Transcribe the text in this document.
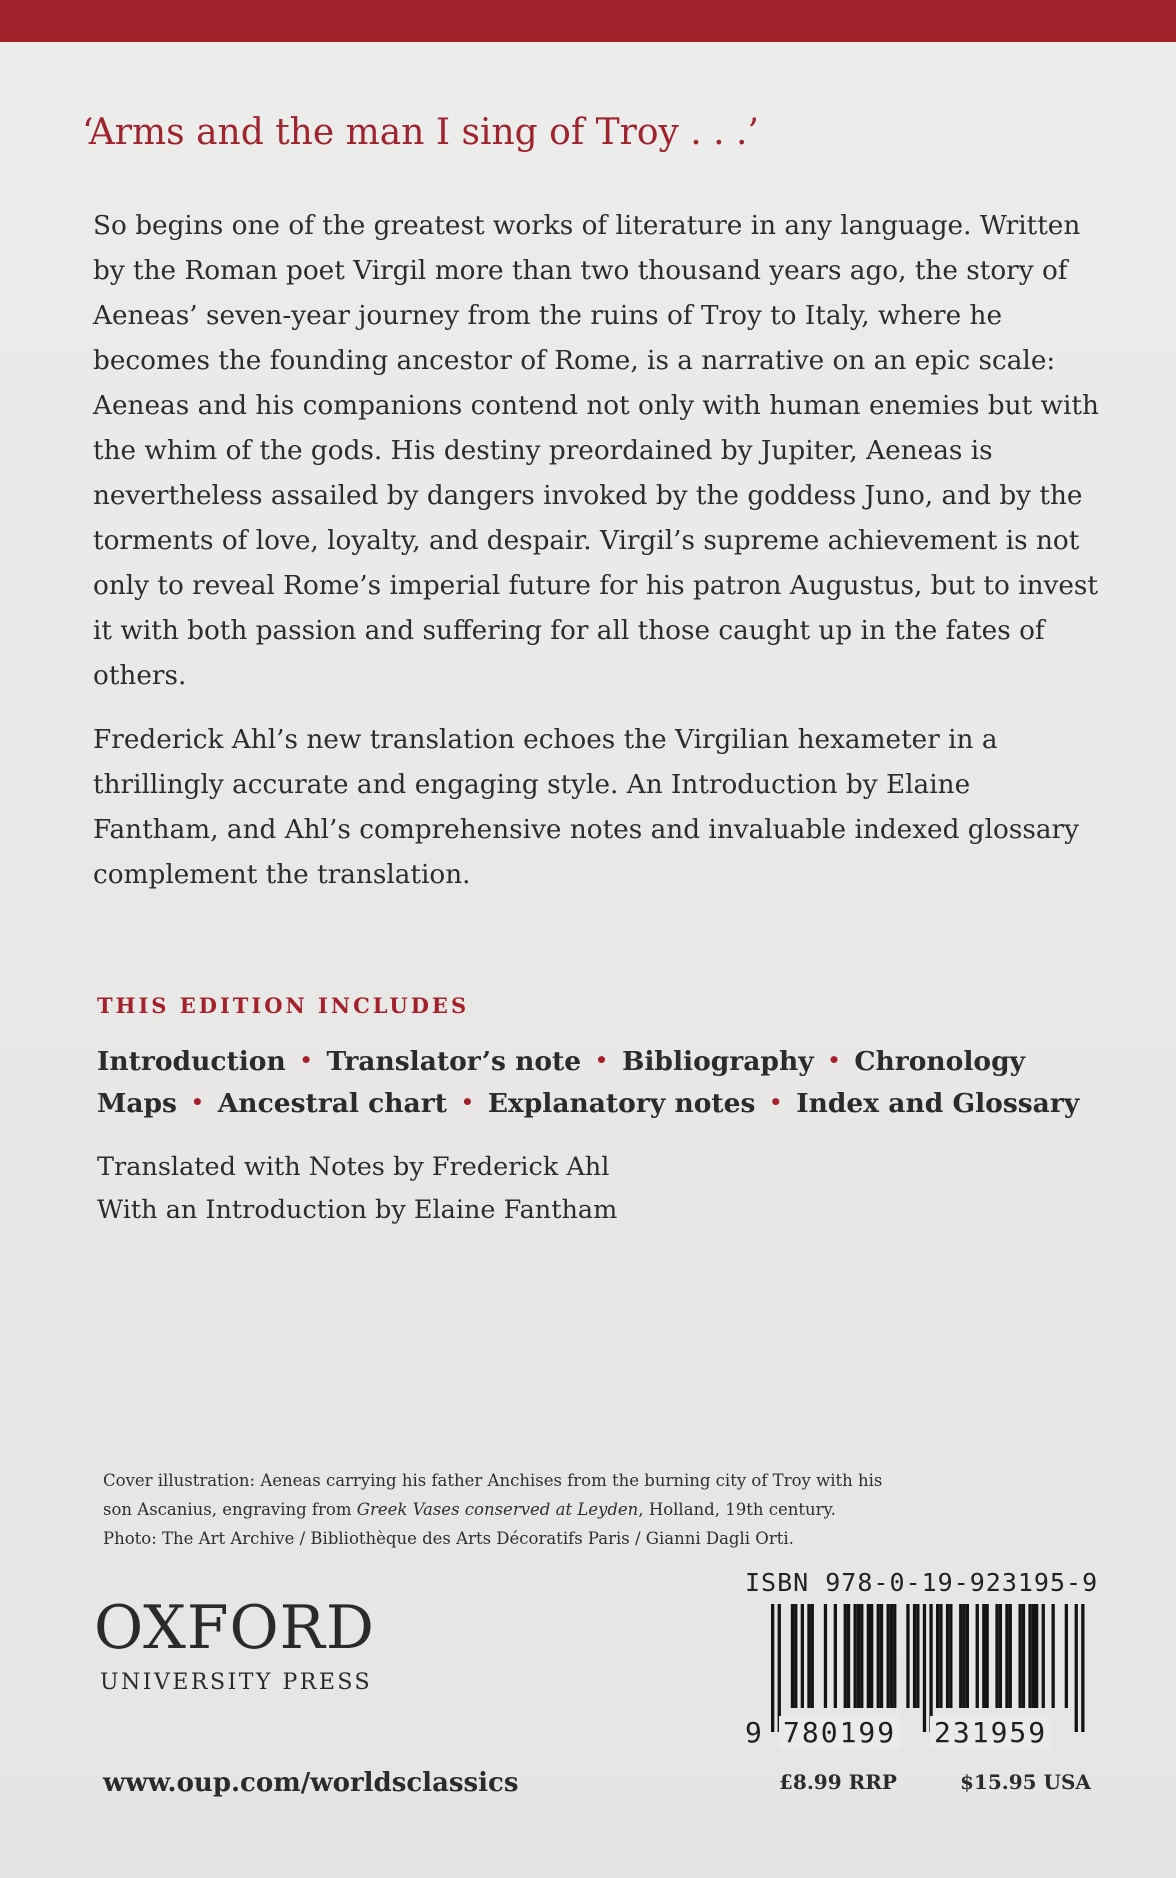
‘Arms and the man I sing of Troy . . .’

So begins one of the greatest works of literature in any language. Written by the Roman poet Virgil more than two thousand years ago, the story of Aeneas’ seven-year journey from the ruins of Troy to Italy, where he becomes the founding ancestor of Rome, is a narrative on an epic scale: Aeneas and his companions contend not only with human enemies but with the whim of the gods. His destiny preordained by Jupiter, Aeneas is nevertheless assailed by dangers invoked by the goddess Juno, and by the torments of love, loyalty, and despair. Virgil’s supreme achievement is not only to reveal Rome’s imperial future for his patron Augustus, but to invest it with both passion and suffering for all those caught up in the fates of others.

Frederick Ahl’s new translation echoes the Virgilian hexameter in a thrillingly accurate and engaging style. An Introduction by Elaine Fantham, and Ahl’s comprehensive notes and invaluable indexed glossary complement the translation.

THIS EDITION INCLUDES
Introduction • Translator’s note • Bibliography • Chronology
Maps • Ancestral chart • Explanatory notes • Index and Glossary
Translated with Notes by Frederick Ahl
With an Introduction by Elaine Fantham
Cover illustration: Aeneas carrying his father Anchises from the burning city of Troy with his son Ascanius, engraving from Greek Vases conserved at Leyden, Holland, 19th century.
Photo: The Art Archive / Bibliothèque des Arts Décoratifs Paris / Gianni Dagli Orti.
OXFORD
UNIVERSITY PRESS
www.oup.com/worldsclassics
ISBN 978-0-19-923195-9
9 780199 231959
£8.99 RRP	$15.95 USA
